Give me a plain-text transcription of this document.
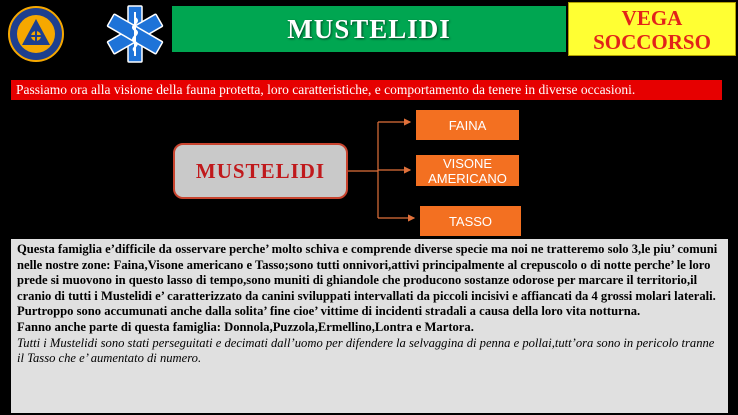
MUSTELIDI	VEGA
SOCCORSO
Passiamo ora alla visione della fauna protetta, loro caratteristiche, e comportamento da tenere in diverse occasioni.
MUSTELIDI
FAINA
VISONE AMERICANO
TASSO

Questa famiglia e’difficile da osservare perche’ molto schiva e comprende diverse specie ma noi ne tratteremo solo 3,le piu’ comuni nelle nostre zone: Faina,Visone americano e Tasso;sono tutti onnivori,attivi principalmente al crepuscolo o di notte perche’ le loro prede si muovono in questo lasso di tempo,sono muniti di ghiandole che producono sostanze odorose per marcare il territorio,il cranio di tutti i Mustelidi e’ caratterizzato da canini sviluppati intervallati da piccoli incisivi e affiancati da 4 grossi molari laterali.

Purtroppo sono accumunati anche dalla solita’ fine cioe’ vittime di incidenti stradali a causa della loro vita notturna.

Fanno anche parte di questa famiglia: Donnola,Puzzola,Ermellino,Lontra e Martora.

Tutti i Mustelidi sono stati perseguitati e decimati dall’uomo per difendere la selvaggina di penna e pollai,tutt’ora sono in pericolo tranne il Tasso che e’ aumentato di numero.
